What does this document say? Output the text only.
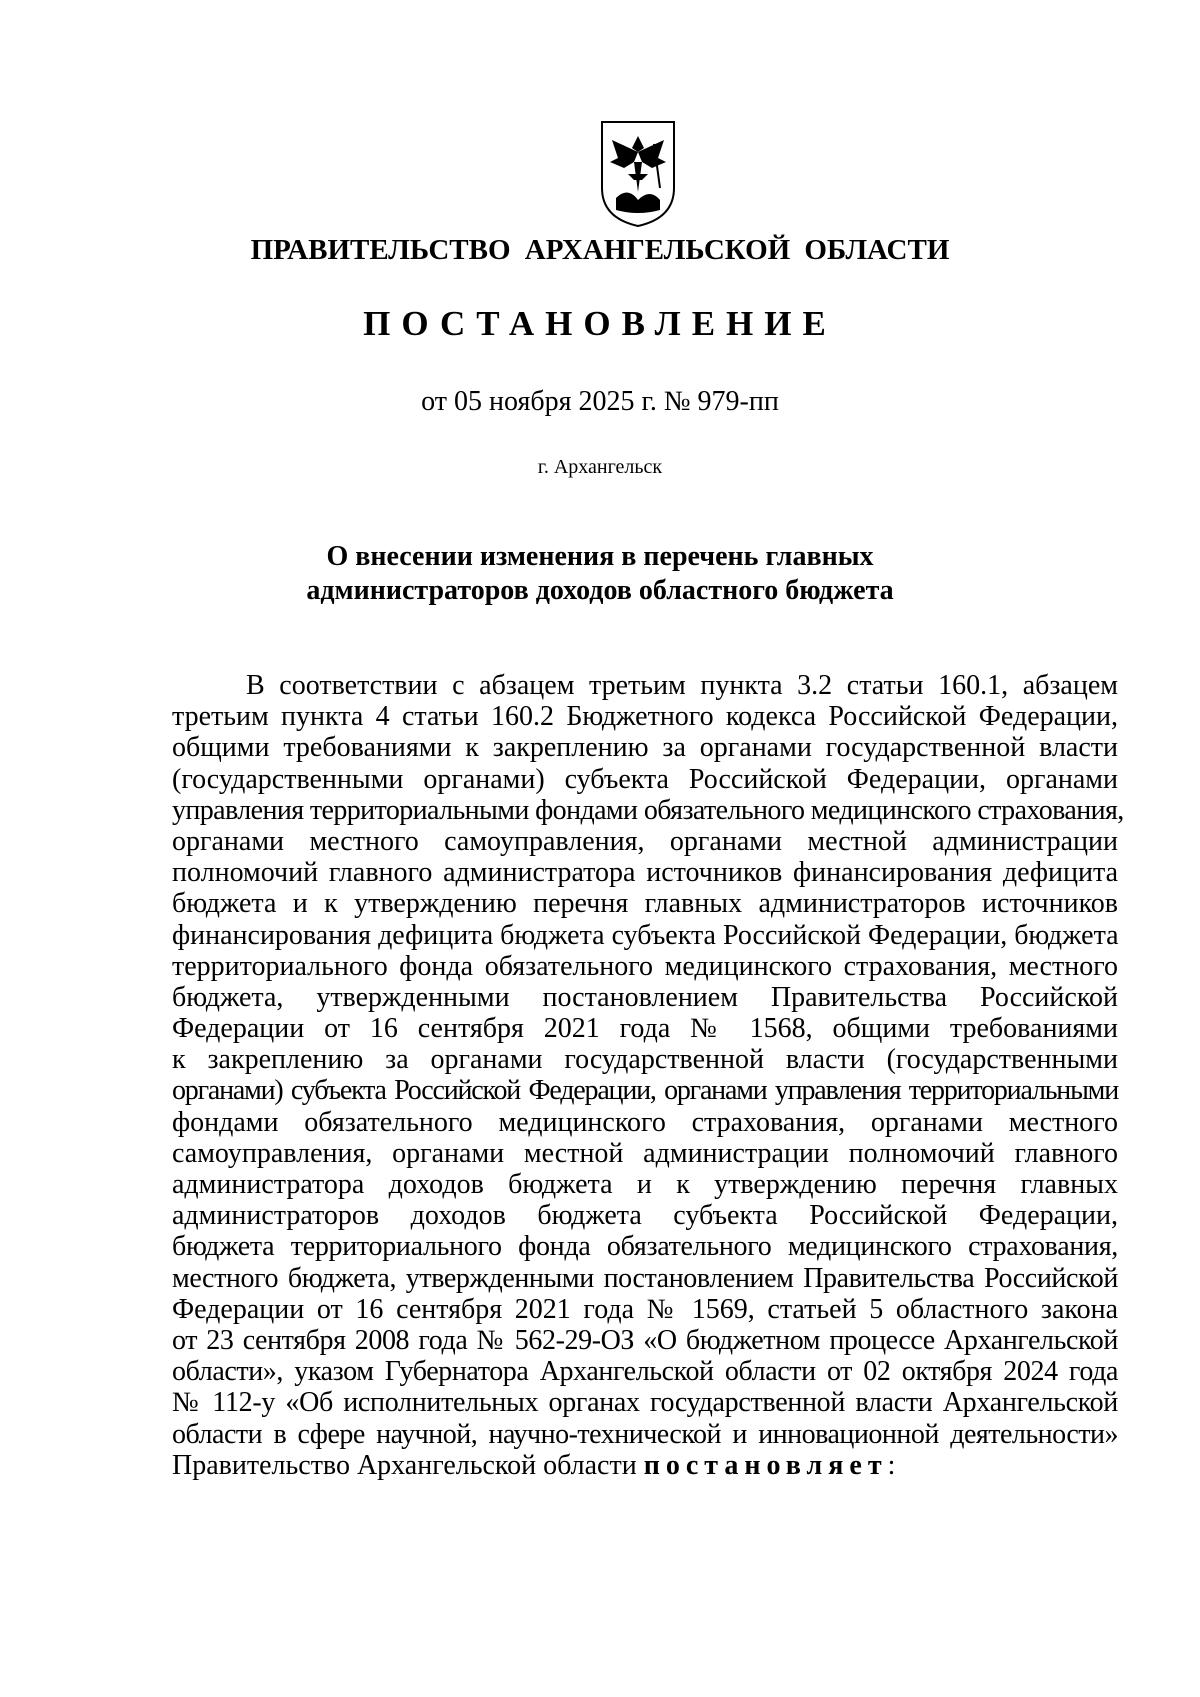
ПРАВИТЕЛЬСТВО АРХАНГЕЛЬСКОЙ ОБЛАСТИ
ПОСТАНОВЛЕНИЕ
от 05 ноября 2025 г. № 979-пп
г. Архангельск
О внесении изменения в перечень главных
администраторов доходов областного бюджета
В соответствии с абзацем третьим пункта 3.2 статьи 160.1, абзацем
третьим пункта 4 статьи 160.2 Бюджетного кодекса Российской Федерации,
общими требованиями к закреплению за органами государственной власти
(государственными органами) субъекта Российской Федерации, органами
управления территориальными фондами обязательного медицинского страхования,
органами местного самоуправления, органами местной администрации
полномочий главного администратора источников финансирования дефицита
бюджета и к утверждению перечня главных администраторов источников
финансирования дефицита бюджета субъекта Российской Федерации, бюджета
территориального фонда обязательного медицинского страхования, местного
бюджета, утвержденными постановлением Правительства Российской
Федерации от 16 сентября 2021 года № 1568, общими требованиями
к закреплению за органами государственной власти (государственными
органами) субъекта Российской Федерации, органами управления территориальными
фондами обязательного медицинского страхования, органами местного
самоуправления, органами местной администрации полномочий главного
администратора доходов бюджета и к утверждению перечня главных
администраторов доходов бюджета субъекта Российской Федерации,
бюджета территориального фонда обязательного медицинского страхования,
местного бюджета, утвержденными постановлением Правительства Российской
Федерации от 16 сентября 2021 года № 1569, статьей 5 областного закона
от 23 сентября 2008 года № 562-29-ОЗ «О бюджетном процессе Архангельской
области», указом Губернатора Архангельской области от 02 октября 2024 года
№ 112-у «Об исполнительных органах государственной власти Архангельской
области в сфере научной, научно-технической и инновационной деятельности»
Правительство Архангельской области постановляет:
